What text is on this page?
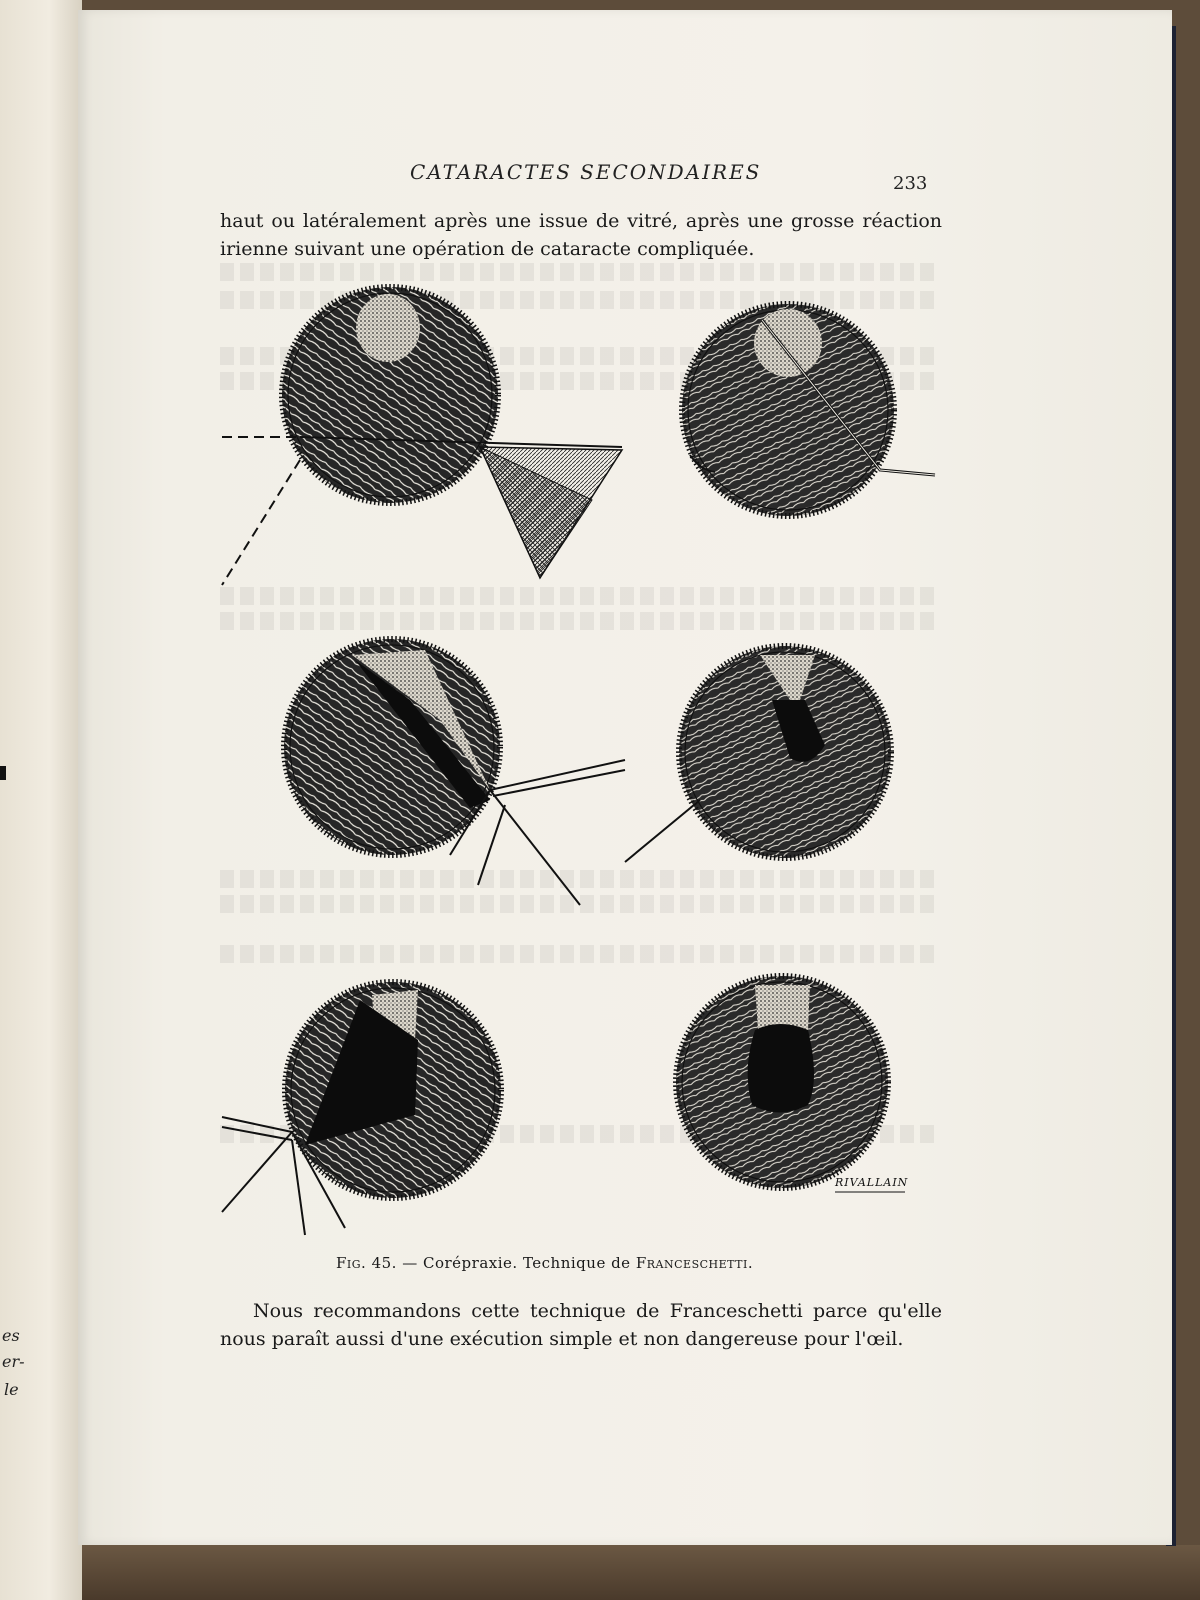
es
er-
le
CATARACTES SECONDAIRES	233
haut ou latéralement après une issue de vitré, après une grosse réaction
irienne suivant une opération de cataracte compliquée.
RIVALLAIN
Fig. 45. — Corépraxie. Technique de Franceschetti.
Nous recommandons cette technique de Franceschetti parce qu'elle
nous paraît aussi d'une exécution simple et non dangereuse pour l'œil.
